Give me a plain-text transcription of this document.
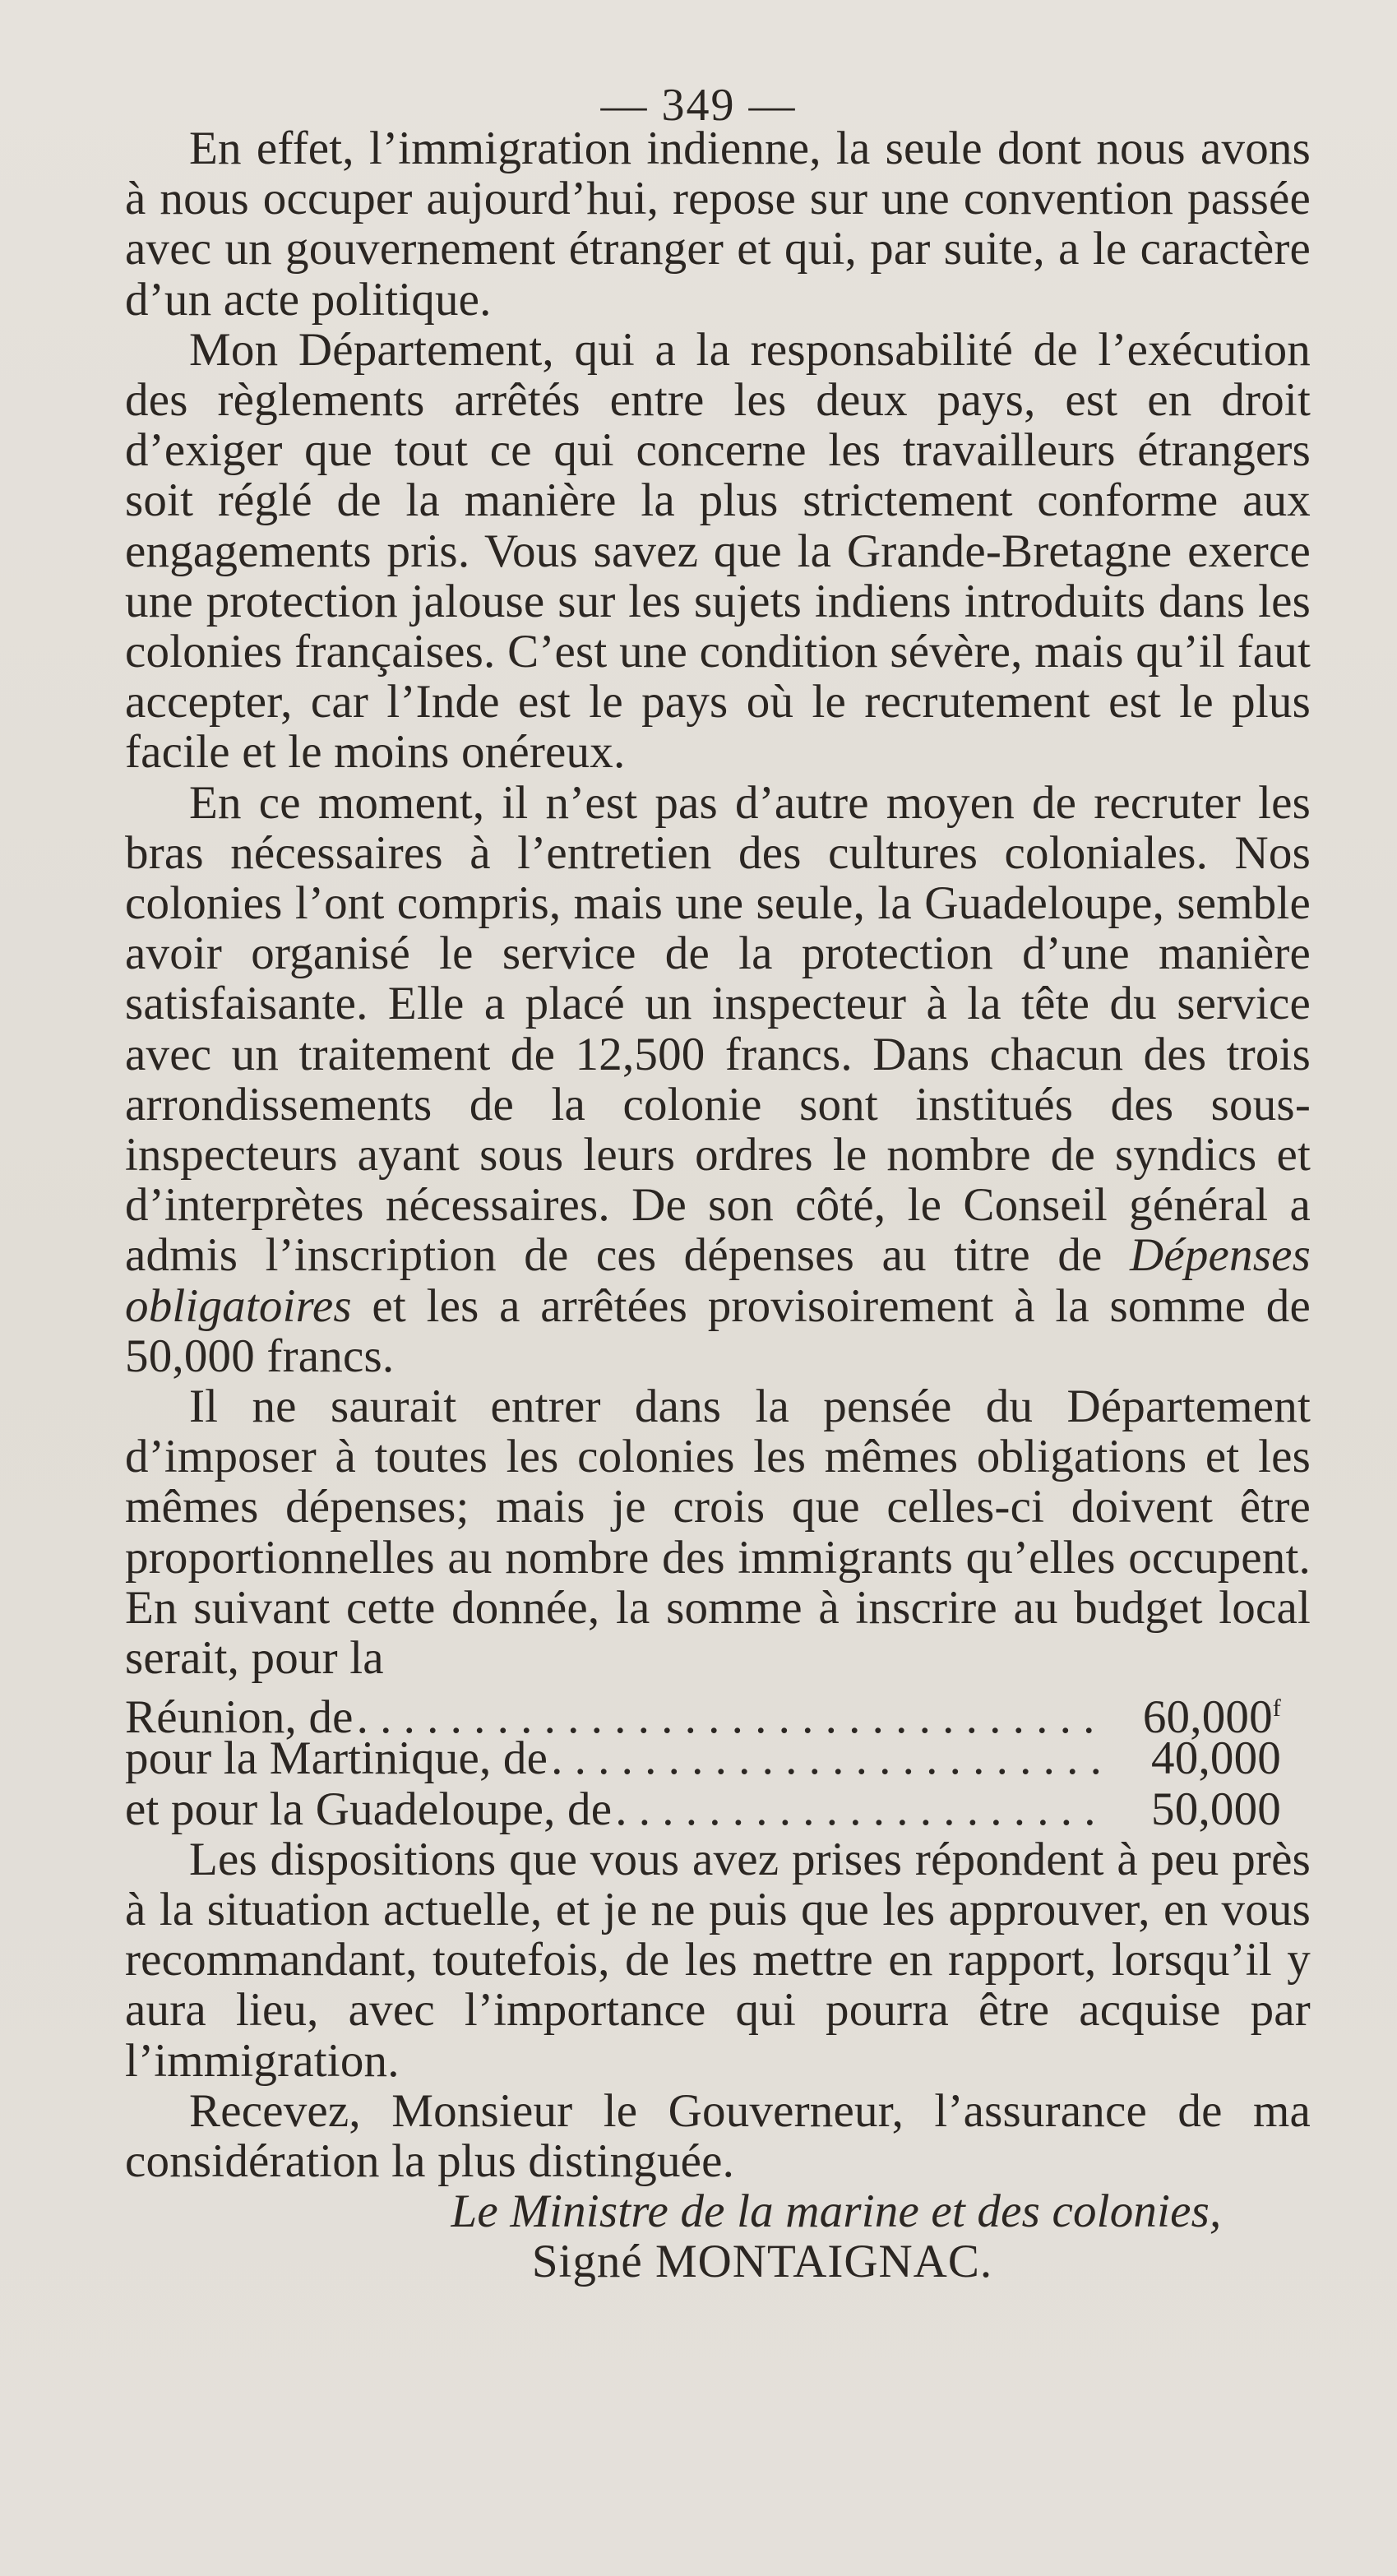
— 349 —

En effet, l’immigration indienne, la seule dont nous avons à nous occuper aujourd’hui, repose sur une convention passée avec un gouvernement étranger et qui, par suite, a le caractère d’un acte politique.

Mon Département, qui a la responsabilité de l’exécution des règlements arrêtés entre les deux pays, est en droit d’exiger que tout ce qui concerne les travailleurs étrangers soit réglé de la manière la plus strictement conforme aux engagements pris. Vous savez que la Grande-Bretagne exerce une protection jalouse sur les sujets indiens introduits dans les colonies françaises. C’est une condition sévère, mais qu’il faut accepter, car l’Inde est le pays où le recrutement est le plus facile et le moins onéreux.

En ce moment, il n’est pas d’autre moyen de recruter les bras nécessaires à l’entretien des cultures coloniales. Nos colonies l’ont compris, mais une seule, la Guadeloupe, semble avoir organisé le service de la protection d’une manière satisfaisante. Elle a placé un inspecteur à la tête du service avec un traitement de 12,500 francs. Dans chacun des trois arrondissements de la colonie sont institués des sous-inspecteurs ayant sous leurs ordres le nombre de syndics et d’interprètes nécessaires. De son côté, le Conseil général a admis l’inscription de ces dépenses au titre de Dépenses obligatoires et les a arrêtées provisoirement à la somme de 50,000 francs.

Il ne saurait entrer dans la pensée du Département d’imposer à toutes les colonies les mêmes obligations et les mêmes dépenses; mais je crois que celles-ci doivent être proportionnelles au nombre des immigrants qu’elles occupent. En suivant cette donnée, la somme à inscrire au budget local serait, pour la

Réunion, de . . .	60,000$^f$
pour la Martinique, de . . .	40,000
et pour la Guadeloupe, de . . .	50,000

Les dispositions que vous avez prises répondent à peu près à la situation actuelle, et je ne puis que les approuver, en vous recommandant, toutefois, de les mettre en rapport, lorsqu’il y aura lieu, avec l’importance qui pourra être acquise par l’immigration.

Recevez, Monsieur le Gouverneur, l’assurance de ma considération la plus distinguée.

Le Ministre de la marine et des colonies,

Signé MONTAIGNAC.
